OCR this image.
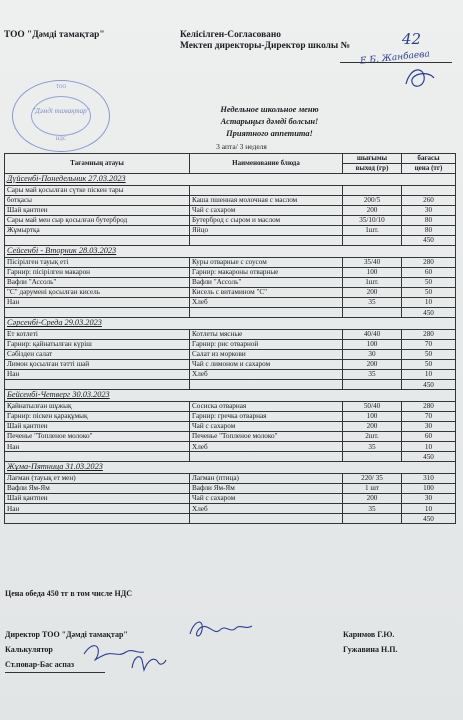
ТОО "Дәмді тамақтар"	Келісілген-Согласовано
Мектеп директоры-Директор школы №	42
Е.Б. Жанбаева
ТОО
"Дәмді тамақтар"
НДС
Недельное школьное меню
Астарыңыз дәмді болсын!
Приятного аппетита!
3 апта/ 3 неделя
Тағамның атауы	Наименование блюда	шығымы	бағасы
		выход (гр)	цена (тг)
Дүйсенбі-Понедельник 27.03.2023			
Сары май қосылған сүтке піскен тары			
ботқасы	Каша пшенная молочная с маслом	200/5	260
Шай қантпен	Чай с сахаром	200	30
Сары май мен сыр қосылған бутерброд	Бутерброд с сыром и маслом	35/10/10	80
Жұмыртқа	Яйцо	1шт.	80
			450
Сейсенбі - Вторник 28.03.2023			
Пісірілген тауық еті	Куры отварные с соусом	35/40	280
Гарнир: пісірілген макарон	Гарнир: макароны отварные	100	60
Вафли "Ассоль"	Вафли "Ассоль"	1шт.	50
"С" дәрумені қосылған кисель	Кисель с витамином "С"	200	50
Нан	Хлеб	35	10
			450
Сәрсенбі-Среда 29.03.2023			
Ет котлеті	Котлеты мясные	40/40	280
Гарнир: қайнатылған күріш	Гарнир: рис отварной	100	70
Сәбізден салат	Салат из моркови	30	50
Лимон қосылған тәтті шай	Чай с лимоном и сахаром	200	50
Нан	Хлеб	35	10
			450
Бейсенбі-Четверг 30.03.2023			
Қайнатылған шұжық	Сосиска отварная	50/40	280
Гарнир: піскен қарақұмық	Гарнир: гречка отварная	100	70
Шай қантпен	Чай с сахаром	200	30
Печенье "Топленое молоко"	Печенье "Топленое молоко"	2шт.	60
Нан	Хлеб	35	10
			450
Жұма-Пятница 31.03.2023			
Лағман (тауық ет мен)	Лагман (птица)	220/ 35	310
Вафли Ям-Ям	Вафли Ям-Ям	1 шт	100
Шай қантпен	Чай с сахаром	200	30
Нан	Хлеб	35	10
			450
Цена обеда 450 тг в том числе НДС
Директор ТОО "Дәмді тамақтар"	Каримов Г.Ю.
Калькулятор	Гужавина Н.П.
Ст.повар-Бас аспаз
